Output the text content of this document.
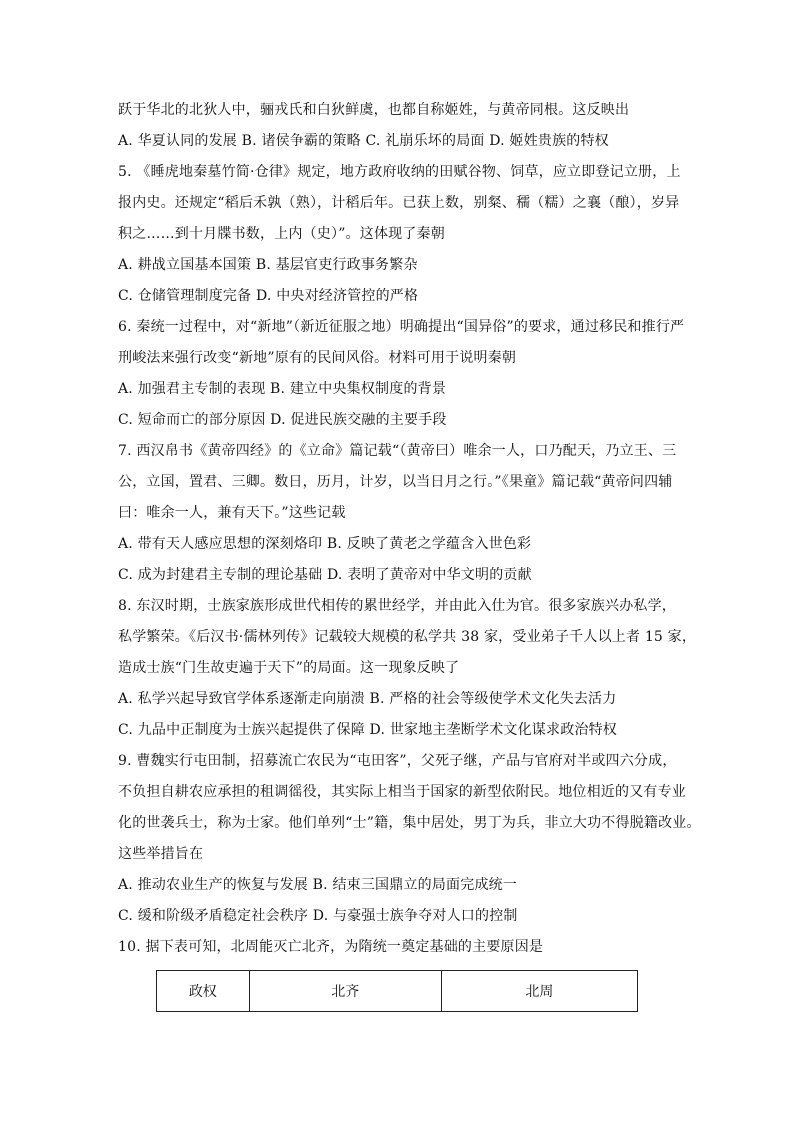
跃于华北的北狄人中，骊戎氏和白狄鲜虞，也都自称姬姓，与黄帝同根。这反映出
A. 华夏认同的发展 B. 诸侯争霸的策略 C. 礼崩乐坏的局面 D. 姬姓贵族的特权
5. 《睡虎地秦墓竹简·仓律》规定，地方政府收纳的田赋谷物、饲草，应立即登记立册，上
报内史。还规定“稻后禾孰（熟），计稻后年。已获上数，别粲、穤（糯）之襄（酿），岁异
积之……到十月牒书数，上内（史）”。这体现了秦朝
A. 耕战立国基本国策 B. 基层官吏行政事务繁杂
C. 仓储管理制度完备 D. 中央对经济管控的严格
6. 秦统一过程中，对“新地”（新近征服之地）明确提出“国异俗”的要求，通过移民和推行严
刑峻法来强行改变“新地”原有的民间风俗。材料可用于说明秦朝
A. 加强君主专制的表现 B. 建立中央集权制度的背景
C. 短命而亡的部分原因 D. 促进民族交融的主要手段
7. 西汉帛书《黄帝四经》的《立命》篇记载“（黄帝曰）唯余一人，口乃配天，乃立王、三
公，立国，置君、三卿。数日，历月，计岁，以当日月之行。”《果童》篇记载“黄帝问四辅
曰：唯余一人，兼有天下。”这些记载
A. 带有天人感应思想的深刻烙印 B. 反映了黄老之学蕴含入世色彩
C. 成为封建君主专制的理论基础 D. 表明了黄帝对中华文明的贡献
8. 东汉时期，士族家族形成世代相传的累世经学，并由此入仕为官。很多家族兴办私学，
私学繁荣。《后汉书·儒林列传》记载较大规模的私学共 38 家，受业弟子千人以上者 15 家，
造成士族“门生故吏遍于天下”的局面。这一现象反映了
A. 私学兴起导致官学体系逐渐走向崩溃 B. 严格的社会等级使学术文化失去活力
C. 九品中正制度为士族兴起提供了保障 D. 世家地主垄断学术文化谋求政治特权
9. 曹魏实行屯田制，招募流亡农民为“屯田客”，父死子继，产品与官府对半或四六分成，
不负担自耕农应承担的租调徭役，其实际上相当于国家的新型依附民。地位相近的又有专业
化的世袭兵士，称为士家。他们单列“士”籍，集中居处，男丁为兵，非立大功不得脱籍改业。
这些举措旨在
A. 推动农业生产的恢复与发展 B. 结束三国鼎立的局面完成统一
C. 缓和阶级矛盾稳定社会秩序 D. 与豪强士族争夺对人口的控制
10. 据下表可知，北周能灭亡北齐，为隋统一奠定基础的主要原因是
政权	北齐	北周
